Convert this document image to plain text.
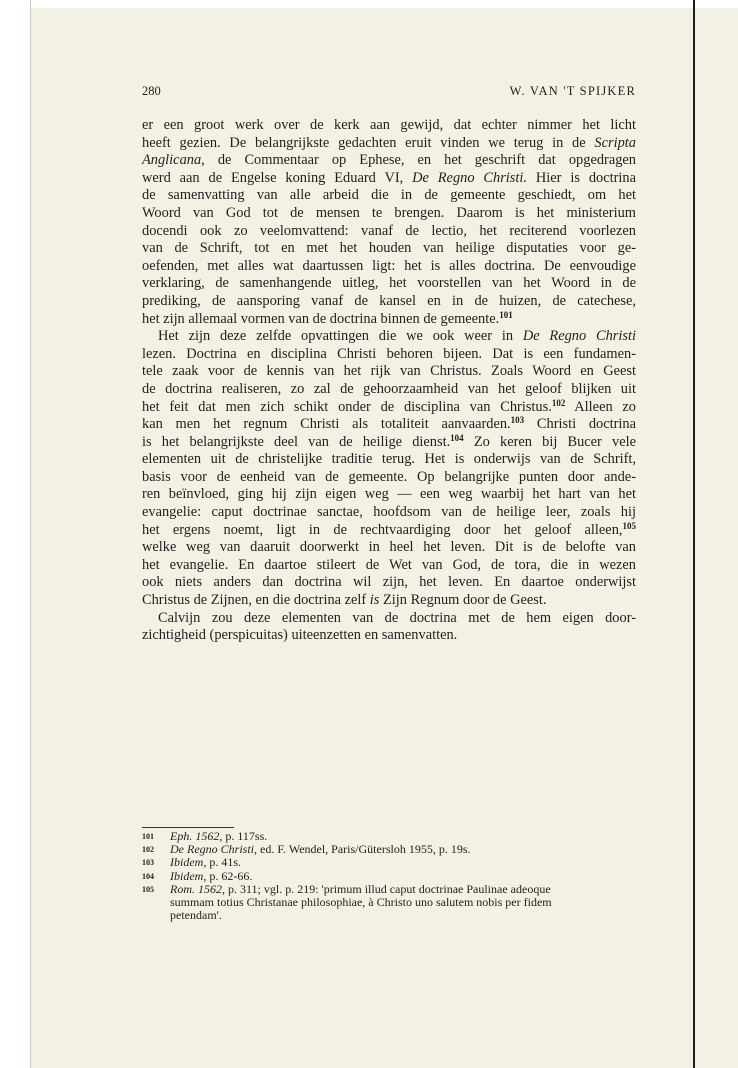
280	W. VAN 'T SPIJKER
er een groot werk over de kerk aan gewijd, dat echter nimmer het licht
heeft gezien. De belangrijkste gedachten eruit vinden we terug in de Scripta
Anglicana, de Commentaar op Ephese, en het geschrift dat opgedragen
werd aan de Engelse koning Eduard VI, De Regno Christi. Hier is doctrina
de samenvatting van alle arbeid die in de gemeente geschiedt, om het
Woord van God tot de mensen te brengen. Daarom is het ministerium
docendi ook zo veelomvattend: vanaf de lectio, het reciterend voorlezen
van de Schrift, tot en met het houden van heilige disputaties voor ge-
oefenden, met alles wat daartussen ligt: het is alles doctrina. De eenvoudige
verklaring, de samenhangende uitleg, het voorstellen van het Woord in de
prediking, de aansporing vanaf de kansel en in de huizen, de catechese,
het zijn allemaal vormen van de doctrina binnen de gemeente.$^{101}$
Het zijn deze zelfde opvattingen die we ook weer in De Regno Christi
lezen. Doctrina en disciplina Christi behoren bijeen. Dat is een fundamen-
tele zaak voor de kennis van het rijk van Christus. Zoals Woord en Geest
de doctrina realiseren, zo zal de gehoorzaamheid van het geloof blijken uit
het feit dat men zich schikt onder de disciplina van Christus.$^{102}$ Alleen zo
kan men het regnum Christi als totaliteit aanvaarden.$^{103}$ Christi doctrina
is het belangrijkste deel van de heilige dienst.$^{104}$ Zo keren bij Bucer vele
elementen uit de christelijke traditie terug. Het is onderwijs van de Schrift,
basis voor de eenheid van de gemeente. Op belangrijke punten door ande-
ren beïnvloed, ging hij zijn eigen weg — een weg waarbij het hart van het
evangelie: caput doctrinae sanctae, hoofdsom van de heilige leer, zoals hij
het ergens noemt, ligt in de rechtvaardiging door het geloof alleen,$^{105}$
welke weg van daaruit doorwerkt in heel het leven. Dit is de belofte van
het evangelie. En daartoe stileert de Wet van God, de tora, die in wezen
ook niets anders dan doctrina wil zijn, het leven. En daartoe onderwijst
Christus de Zijnen, en die doctrina zelf is Zijn Regnum door de Geest.
Calvijn zou deze elementen van de doctrina met de hem eigen door-
zichtigheid (perspicuitas) uiteenzetten en samenvatten.
101 Eph. 1562, p. 117ss.
102 De Regno Christi, ed. F. Wendel, Paris/Gütersloh 1955, p. 19s.
103 Ibidem, p. 41s.
104 Ibidem, p. 62-66.
105 Rom. 1562, p. 311; vgl. p. 219: 'primum illud caput doctrinae Paulinae adeoque
summam totius Christanae philosophiae, à Christo uno salutem nobis per fidem
petendam'.
